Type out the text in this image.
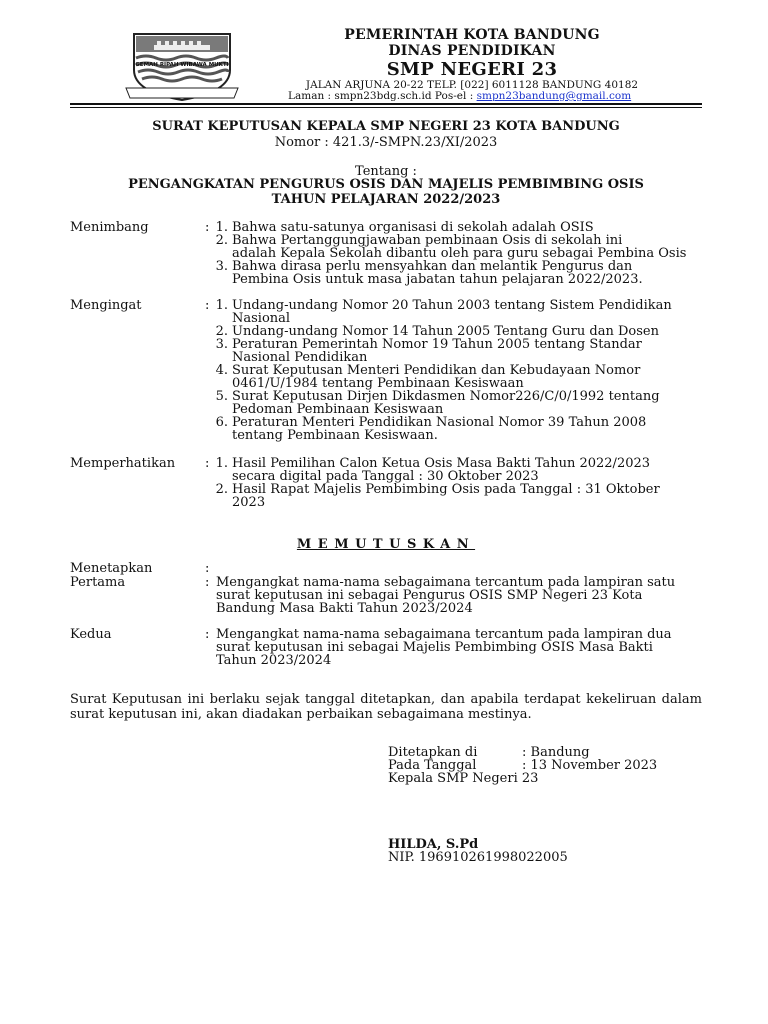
GEMAH RIPAH WIBAWA MUKTI
PEMERINTAH KOTA BANDUNG
DINAS PENDIDIKAN
SMP NEGERI 23
JALAN ARJUNA 20-22 TELP. [022] 6011128 BANDUNG 40182
Laman : smpn23bdg.sch.id Pos-el : smpn23bandung@gmail.com
SURAT KEPUTUSAN KEPALA SMP NEGERI 23 KOTA BANDUNG
Nomor : 421.3/-SMPN.23/XI/2023
Tentang :
PENGANGKATAN PENGURUS OSIS DAN MAJELIS PEMBIMBING OSIS
TAHUN PELAJARAN 2022/2023
Menimbang	: 1. Bahwa satu-satunya organisasi di sekolah adalah OSIS
2. Bahwa Pertanggungjawaban pembinaan Osis di sekolah ini
adalah Kepala Sekolah dibantu oleh para guru sebagai Pembina Osis
3. Bahwa dirasa perlu mensyahkan dan melantik Pengurus dan
Pembina Osis untuk masa jabatan tahun pelajaran 2022/2023.
Mengingat	: 1. Undang-undang Nomor 20 Tahun 2003 tentang Sistem Pendidikan
Nasional
2. Undang-undang Nomor 14 Tahun 2005 Tentang Guru dan Dosen
3. Peraturan Pemerintah Nomor 19 Tahun 2005 tentang Standar
Nasional Pendidikan
4. Surat Keputusan Menteri Pendidikan dan Kebudayaan Nomor
0461/U/1984 tentang Pembinaan Kesiswaan
5. Surat Keputusan Dirjen Dikdasmen Nomor226/C/0/1992 tentang
Pedoman Pembinaan Kesiswaan
6. Peraturan Menteri Pendidikan Nasional Nomor 39 Tahun 2008
tentang Pembinaan Kesiswaan.
Memperhatikan : 1. Hasil Pemilihan Calon Ketua Osis Masa Bakti Tahun 2022/2023
secara digital pada Tanggal : 30 Oktober 2023
2. Hasil Rapat Majelis Pembimbing Osis pada Tanggal : 31 Oktober
2023
MEMUTUSKAN
Menetapkan	:
Pertama	: Mengangkat nama-nama sebagaimana tercantum pada lampiran satu
surat keputusan ini sebagai Pengurus OSIS SMP Negeri 23 Kota
Bandung Masa Bakti Tahun 2023/2024
Kedua	: Mengangkat nama-nama sebagaimana tercantum pada lampiran dua
surat keputusan ini sebagai Majelis Pembimbing OSIS Masa Bakti
Tahun 2023/2024
Surat Keputusan ini berlaku sejak tanggal ditetapkan, dan apabila terdapat kekeliruan dalam surat keputusan ini, akan diadakan perbaikan sebagaimana mestinya.
Ditetapkan di	: Bandung
Pada Tanggal	: 13 November 2023
Kepala SMP Negeri 23
HILDA, S.Pd
NIP. 196910261998022005
